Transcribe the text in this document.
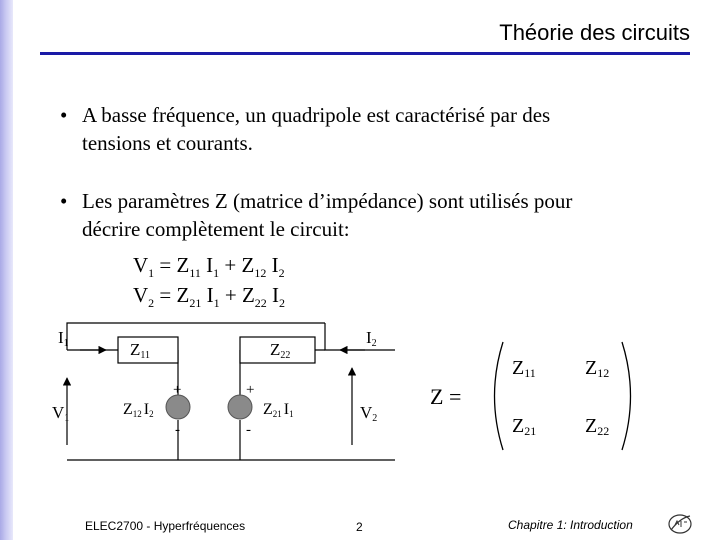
Théorie des circuits
• A basse fréquence, un quadripole est caractérisé par des
tensions et courants.
• Les paramètres Z (matrice d’impédance) sont utilisés pour
décrire complètement le circuit:
$V_1 = Z_{11}$ $I_1 + Z_{12}$ $I_2$
$V_2 = Z_{21}$ $I_1 + Z_{22}$ $I_2$
I1	I2
V1	V2
Z11	Z22
Z12 I2	Z21 I1
+
-
+
-
Z =
Z11 Z12
Z21 Z22
ELEC2700 - Hyperfréquences	2	Chapitre 1: Introduction
